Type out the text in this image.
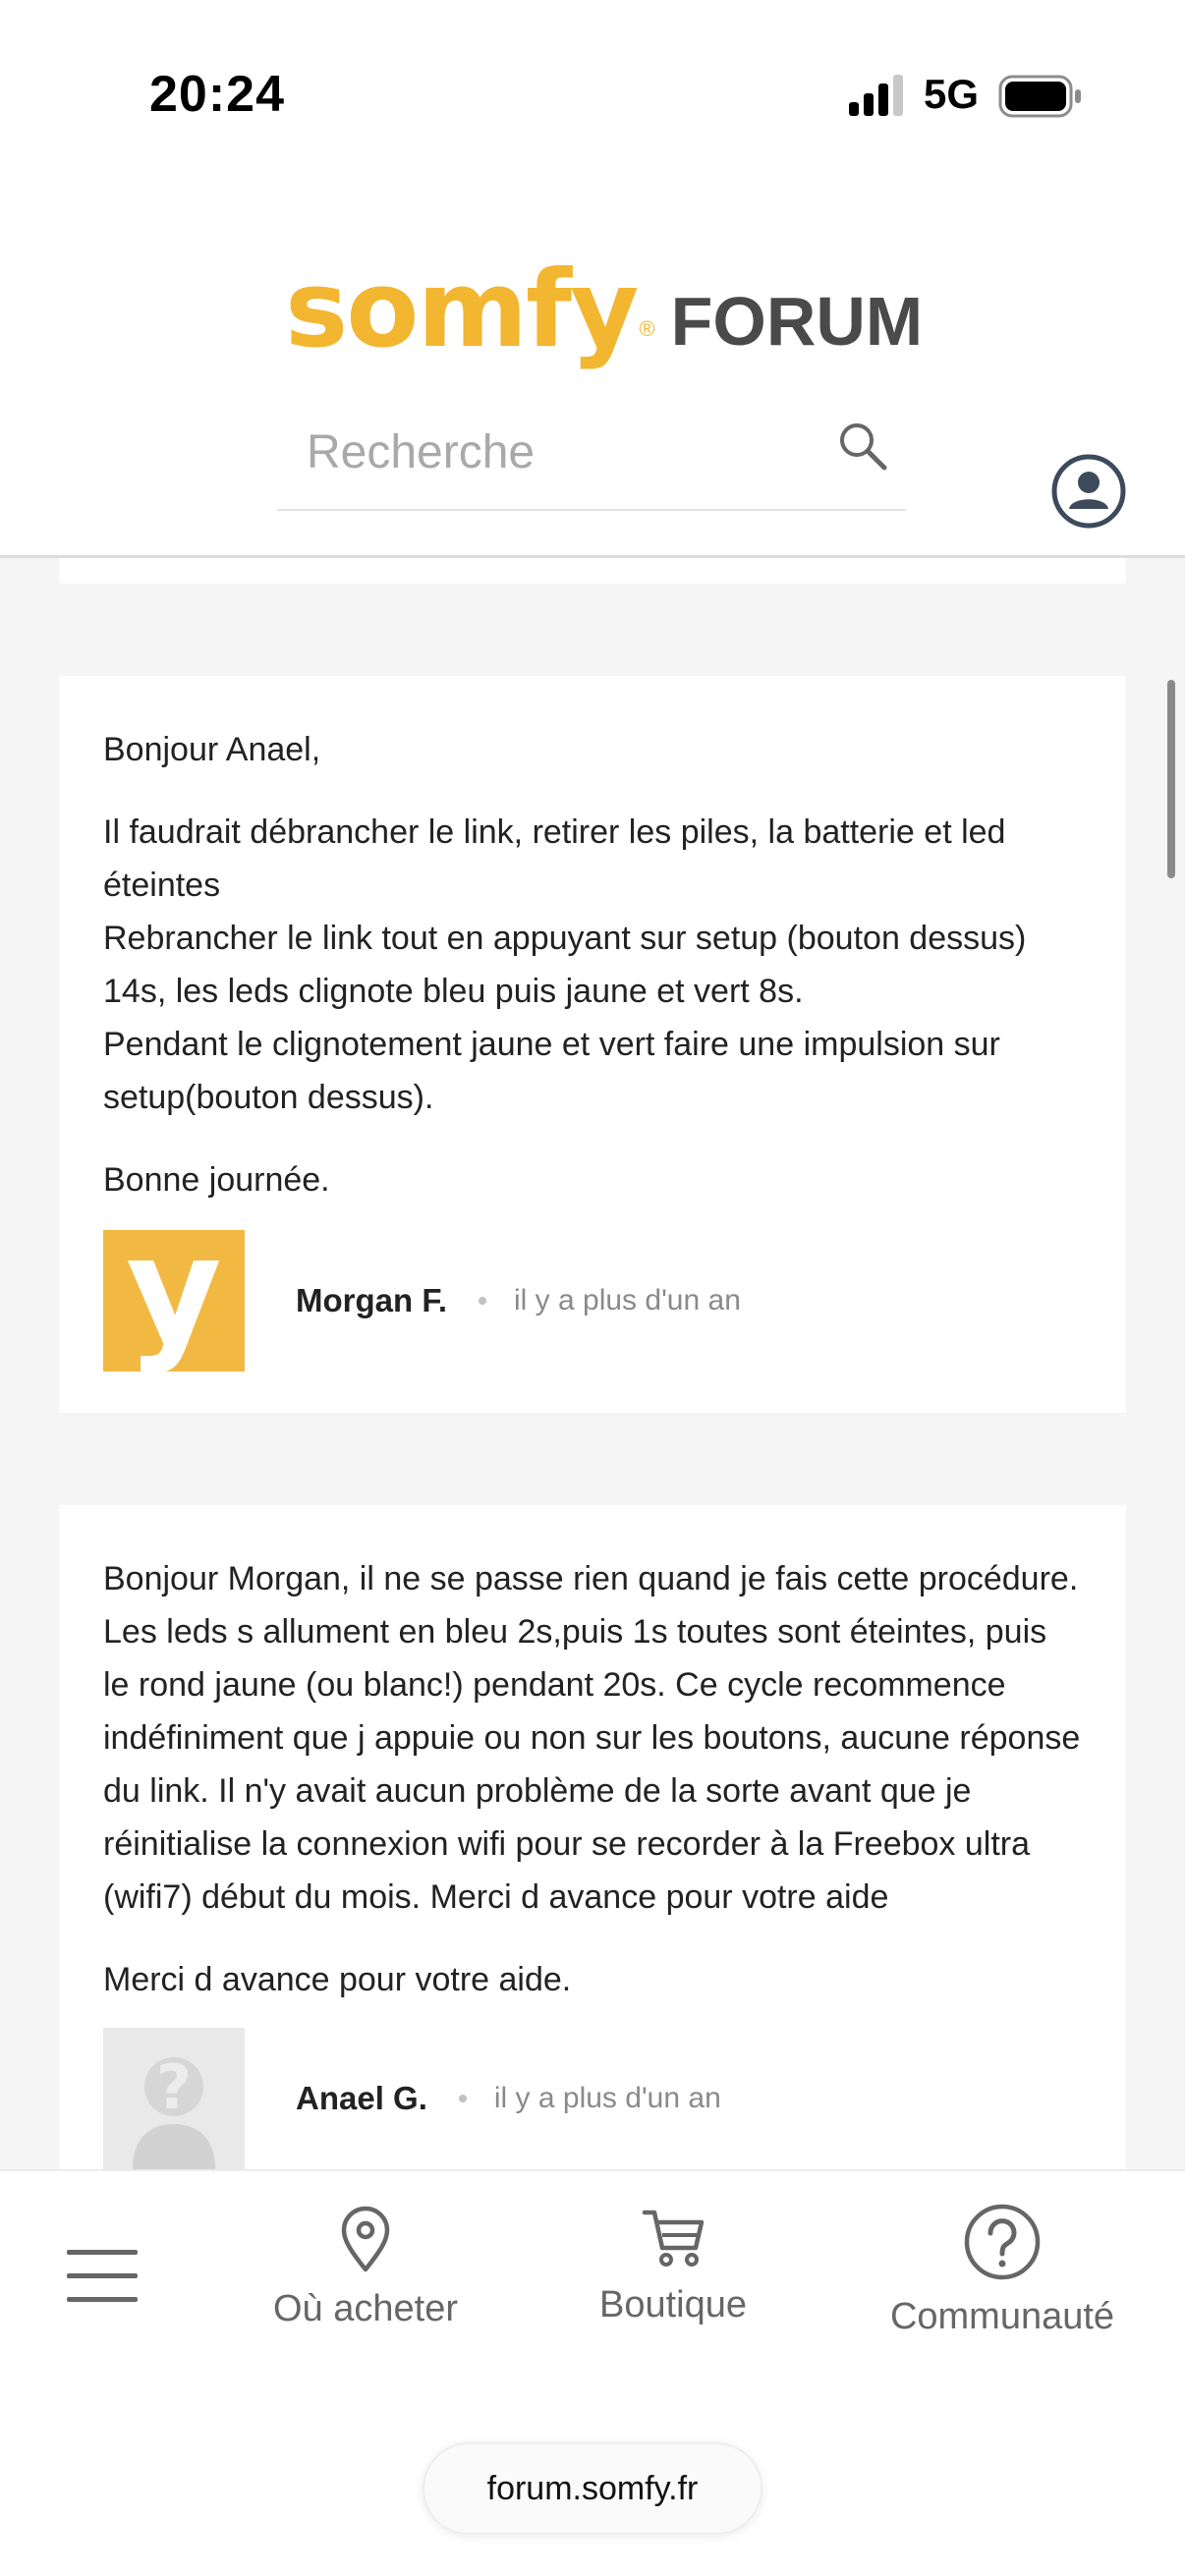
20:24	5G
somfy ® FORUM
Recherche

Bonjour Anael,

Il faudrait débrancher le link, retirer les piles, la batterie et led éteintes
Rebrancher le link tout en appuyant sur setup (bouton dessus) 14s, les leds clignote bleu puis jaune et vert 8s.
Pendant le clignotement jaune et vert faire une impulsion sur setup(bouton dessus).

Bonne journée.

y Morgan F. il y a plus d'un an

Bonjour Morgan, il ne se passe rien quand je fais cette procédure. Les leds s allument en bleu 2s,puis 1s toutes sont éteintes, puis le rond jaune (ou blanc!) pendant 20s. Ce cycle recommence indéfiniment que j appuie ou non sur les boutons, aucune réponse du link. Il n'y avait aucun problème de la sorte avant que je réinitialise la connexion wifi pour se recorder à la Freebox ultra (wifi7) début du mois. Merci d avance pour votre aide

Merci d avance pour votre aide.

?	Anael G. il y a plus d'un an
Où acheter	Boutique	Communauté
forum.somfy.fr
